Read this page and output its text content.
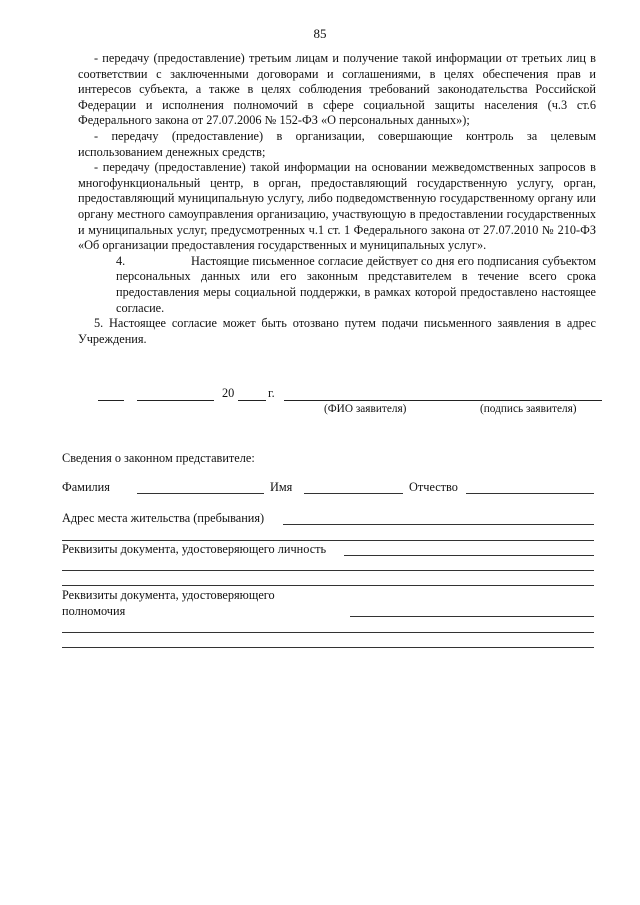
85

- передачу (предоставление) третьим лицам и получение такой информации от третьих лиц в соответствии с заключенными договорами и соглашениями, в целях обеспечения прав и интересов субъекта, а также в целях соблюдения требований законодательства Российской Федерации и исполнения полномочий в сфере социальной защиты населения (ч.3 ст.6 Федерального закона от 27.07.2006 № 152-ФЗ «О персональных данных»);

- передачу (предоставление) в организации, совершающие контроль за целевым использованием денежных средств;

- передачу (предоставление) такой информации на основании межведомственных запросов в многофункциональный центр, в орган, предоставляющий государственную услугу, орган, предоставляющий муниципальную услугу, либо подведомственную государственному органу или органу местного самоуправления организацию, участвующую в предоставлении государственных и муниципальных услуг, предусмотренных ч.1 ст. 1 Федерального закона от 27.07.2010 № 210-ФЗ «Об организации предоставления государственных и муниципальных услуг».

4.	Настоящие письменное согласие действует со дня его подписания субъектом персональных данных или его законным представителем в течение всего срока предоставления меры социальной поддержки, в рамках которой предоставлено настоящее согласие.

5. Настоящее согласие может быть отозвано путем подачи письменного заявления в адрес Учреждения.

20	г.
(ФИО заявителя)	(подпись заявителя)
Сведения о законном представителе:
Фамилия	Имя	Отчество
Адрес места жительства (пребывания)
Реквизиты документа, удостоверяющего личность
Реквизиты документа, удостоверяющего
полномочия
